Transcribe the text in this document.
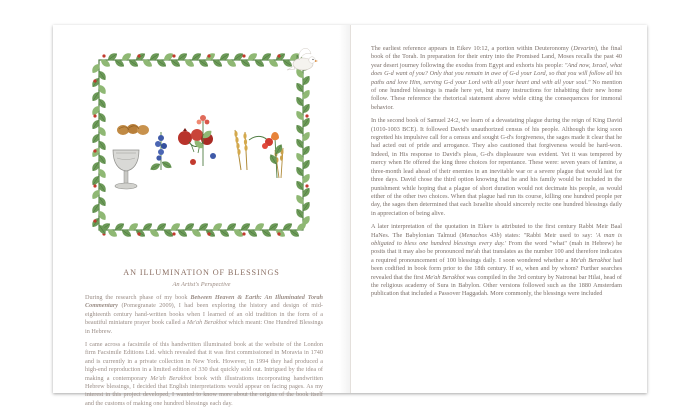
AN ILLUMINATION OF BLESSINGS
An Artist's Perspective

During the research phase of my book Between Heaven & Earth: An Illuminated Torah Commentary (Pomegranate 2009), I had been exploring the history and design of mid-eighteenth century hand-written books when I learned of an old tradition in the form of a beautiful miniature prayer book called a Me'ah Berakhot which meant: One Hundred Blessings in Hebrew.

I came across a facsimile of this handwritten illuminated book at the website of the London firm Facsimile Editions Ltd. which revealed that it was first commissioned in Moravia in 1740 and is currently in a private collection in New York. However, in 1994 they had produced a high-end reproduction in a limited edition of 330 that quickly sold out. Intrigued by the idea of making a contemporary Me'ah Berakhot book with illustrations incorporating handwritten Hebrew blessings, I decided that English interpretations would appear on facing pages. As my interest in this project developed, I wanted to know more about the origins of the book itself and the customs of making one hundred blessings each day.

The earliest reference appears in Eikev 10:12, a portion within Deuteronomy (Devarim), the final book of the Torah. In preparation for their entry into the Promised Land, Moses recalls the past 40 year desert journey following the exodus from Egypt and exhorts his people: "And now, Israel, what does G-d want of you? Only that you remain in awe of G-d your Lord, so that you will follow all his paths and love Him, serving G-d your Lord with all your heart and with all your soul." No mention of one hundred blessings is made here yet, but many instructions for inhabiting their new home follow. These reference the rhetorical statement above while citing the consequences for immoral behavior.

In the second book of Samuel 24:2, we learn of a devastating plague during the reign of King David (1010-1003 BCE). It followed David's unauthorized census of his people. Although the king soon regretted his impulsive call for a census and sought G-d's forgiveness, the sages made it clear that he had acted out of pride and arrogance. They also cautioned that forgiveness would be hard-won. Indeed, in His response to David's pleas, G-d's displeasure was evident. Yet it was tempered by mercy when He offered the king three choices for repentance. These were: seven years of famine, a three-month lead ahead of their enemies in an inevitable war or a severe plague that would last for three days. David chose the third option knowing that he and his family would be included in the punishment while hoping that a plague of short duration would not decimate his people, as would either of the other two choices. When that plague had run its course, killing one hundred people per day, the sages then determined that each Israelite should sincerely recite one hundred blessings daily in appreciation of being alive.

A later interpretation of the quotation in Eikev is attributed to the first century Rabbi Meir Baal HaNes. The Babylonian Talmud (Menachos 43b) states: "Rabbi Meir used to say: 'A man is obligated to bless one hundred blessings every day.' From the word "what" (mah in Hebrew) he posits that it may also be pronounced me'ah that translates as the number 100 and therefore indicates a required pronouncement of 100 blessings daily. I soon wondered whether a Me'ah Berakhot had been codified in book form prior to the 18th century. If so, when and by whom? Further searches revealed that the first Me'ah Berakhot was compiled in the 3rd century by Natronai bar Hilai, head of the religious academy of Sura in Babylon. Other versions followed such as the 1880 Amsterdam publication that included a Passover Haggadah. More commonly, the blessings were included
